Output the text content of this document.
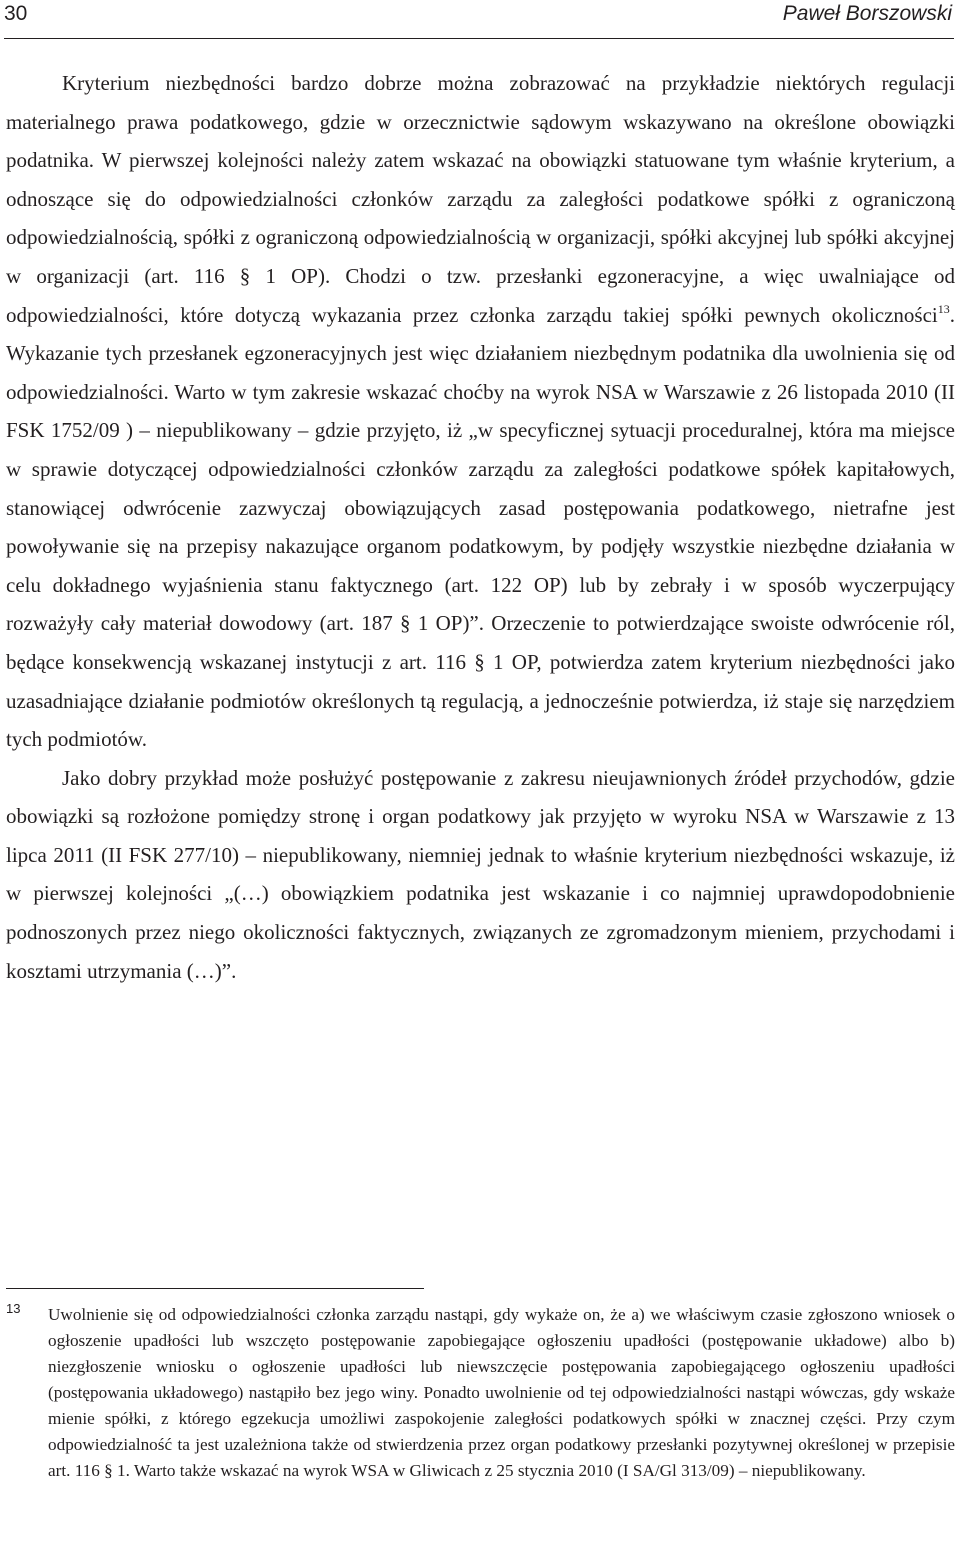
30	Paweł Borszowski

Kryterium niezbędności bardzo dobrze można zobrazować na przykładzie niektórych regulacji materialnego prawa podatkowego, gdzie w orzecznictwie sądowym wskazywano na określone obowiązki podatnika. W pierwszej kolejności należy zatem wskazać na obowiązki statuowane tym właśnie kryterium, a odnoszące się do odpowiedzialności członków zarządu za zaległości podatkowe spółki z ograniczoną odpowiedzialnością, spółki z ograniczoną odpowiedzialnością w organizacji, spółki akcyjnej lub spółki akcyjnej w organizacji (art. 116 § 1 OP). Chodzi o tzw. przesłanki egzoneracyjne, a więc uwalniające od odpowiedzialności, które dotyczą wykazania przez członka zarządu takiej spółki pewnych okoliczności$^{13}$. Wykazanie tych przesłanek egzoneracyjnych jest więc działaniem niezbędnym podatnika dla uwolnienia się od odpowiedzialności. Warto w tym zakresie wskazać choćby na wyrok NSA w Warszawie z 26 listopada 2010 (II FSK 1752/09 ) – niepublikowany – gdzie przyjęto, iż „w specyficznej sytuacji proceduralnej, która ma miejsce w sprawie dotyczącej odpowiedzialności członków zarządu za zaległości podatkowe spółek kapitałowych, stanowiącej odwrócenie zazwyczaj obowiązujących zasad postępowania podatkowego, nietrafne jest powoływanie się na przepisy nakazujące organom podatkowym, by podjęły wszystkie niezbędne działania w celu dokładnego wyjaśnienia stanu faktycznego (art. 122 OP) lub by zebrały i w sposób wyczerpujący rozważyły cały materiał dowodowy (art. 187 § 1 OP)”. Orzeczenie to potwierdzające swoiste odwrócenie ról, będące konsekwencją wskazanej instytucji z art. 116 § 1 OP, potwierdza zatem kryterium niezbędności jako uzasadniające działanie podmiotów określonych tą regulacją, a jednocześnie potwierdza, iż staje się narzędziem tych podmiotów.

Jako dobry przykład może posłużyć postępowanie z zakresu nieujawnionych źródeł przychodów, gdzie obowiązki są rozłożone pomiędzy stronę i organ podatkowy jak przyjęto w wyroku NSA w Warszawie z 13 lipca 2011 (II FSK 277/10) – niepublikowany, niemniej jednak to właśnie kryterium niezbędności wskazuje, iż w pierwszej kolejności „(…) obowiązkiem podatnika jest wskazanie i co najmniej uprawdopodobnienie podnoszonych przez niego okoliczności faktycznych, związanych ze zgromadzonym mieniem, przychodami i kosztami utrzymania (…)”.

13 Uwolnienie się od odpowiedzialności członka zarządu nastąpi, gdy wykaże on, że a) we właściwym czasie zgłoszono wniosek o ogłoszenie upadłości lub wszczęto postępowanie zapobiegające ogłoszeniu upadłości (postępowanie układowe) albo b) niezgłoszenie wniosku o ogłoszenie upadłości lub niewszczęcie postępowania zapobiegającego ogłoszeniu upadłości (postępowania układowego) nastąpiło bez jego winy. Ponadto uwolnienie od tej odpowiedzialności nastąpi wówczas, gdy wskaże mienie spółki, z którego egzekucja umożliwi zaspokojenie zaległości podatkowych spółki w znacznej części. Przy czym odpowiedzialność ta jest uzależniona także od stwierdzenia przez organ podatkowy przesłanki pozytywnej określonej w przepisie art. 116 § 1. Warto także wskazać na wyrok WSA w Gliwicach z 25 stycznia 2010 (I SA/Gl 313/09) – niepublikowany.
